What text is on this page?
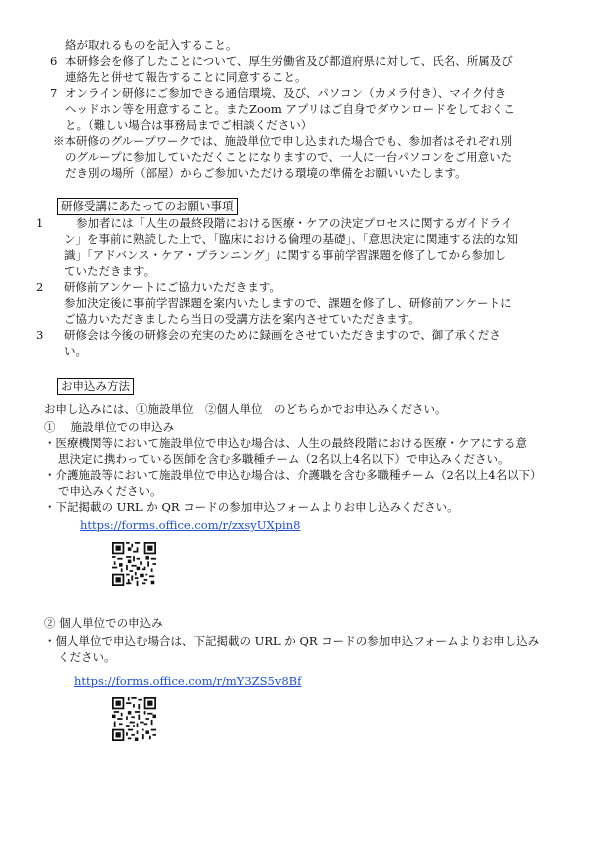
絡が取れるものを記入すること。
6 本研修会を修了したことについて、厚生労働省及び都道府県に対して、氏名、所属及び
連絡先と併せて報告することに同意すること。
7 オンライン研修にご参加できる通信環境、及び、パソコン（カメラ付き）、マイク付き
ヘッドホン等を用意すること。またZoom アプリはご自身でダウンロードをしておくこ
と。（難しい場合は事務局までご相談ください）
※本研修のグループワークでは、施設単位で申し込まれた場合でも、参加者はそれぞれ別
のグループに参加していただくことになりますので、一人に一台パソコンをご用意いた
だき別の場所（部屋）からご参加いただける環境の準備をお願いいたします。
研修受講にあたってのお願い事項
1	参加者には「人生の最終段階における医療・ケアの決定プロセスに関するガイドライ
ン」を事前に熟読した上で、「臨床における倫理の基礎」、「意思決定に関連する法的な知
識」「アドバンス・ケア・プランニング」に関する事前学習課題を修了してから参加し
ていただきます。
2 研修前アンケートにご協力いただきます。
参加決定後に事前学習課題を案内いたしますので、課題を修了し、研修前アンケートに
ご協力いただきましたら当日の受講方法を案内させていただきます。
3 研修会は今後の研修会の充実のために録画をさせていただきますので、御了承くださ
い。
お申込み方法
お申し込みには、①施設単位　②個人単位　のどちらかでお申込みください。
①　 施設単位での申込み
・医療機関等において施設単位で申込む場合は、人生の最終段階における医療・ケアにする意
思決定に携わっている医師を含む多職種チーム（2名以上4名以下）で申込みください。
・介護施設等において施設単位で申込む場合は、介護職を含む多職種チーム（2名以上4名以下）
で申込みください。
・下記掲載の URL か QR コードの参加申込フォームよりお申し込みください。
https://forms.office.com/r/zxsyUXpin8
② 個人単位での申込み
・個人単位で申込む場合は、下記掲載の URL か QR コードの参加申込フォームよりお申し込み
ください。
https://forms.office.com/r/mY3ZS5v8Bf
